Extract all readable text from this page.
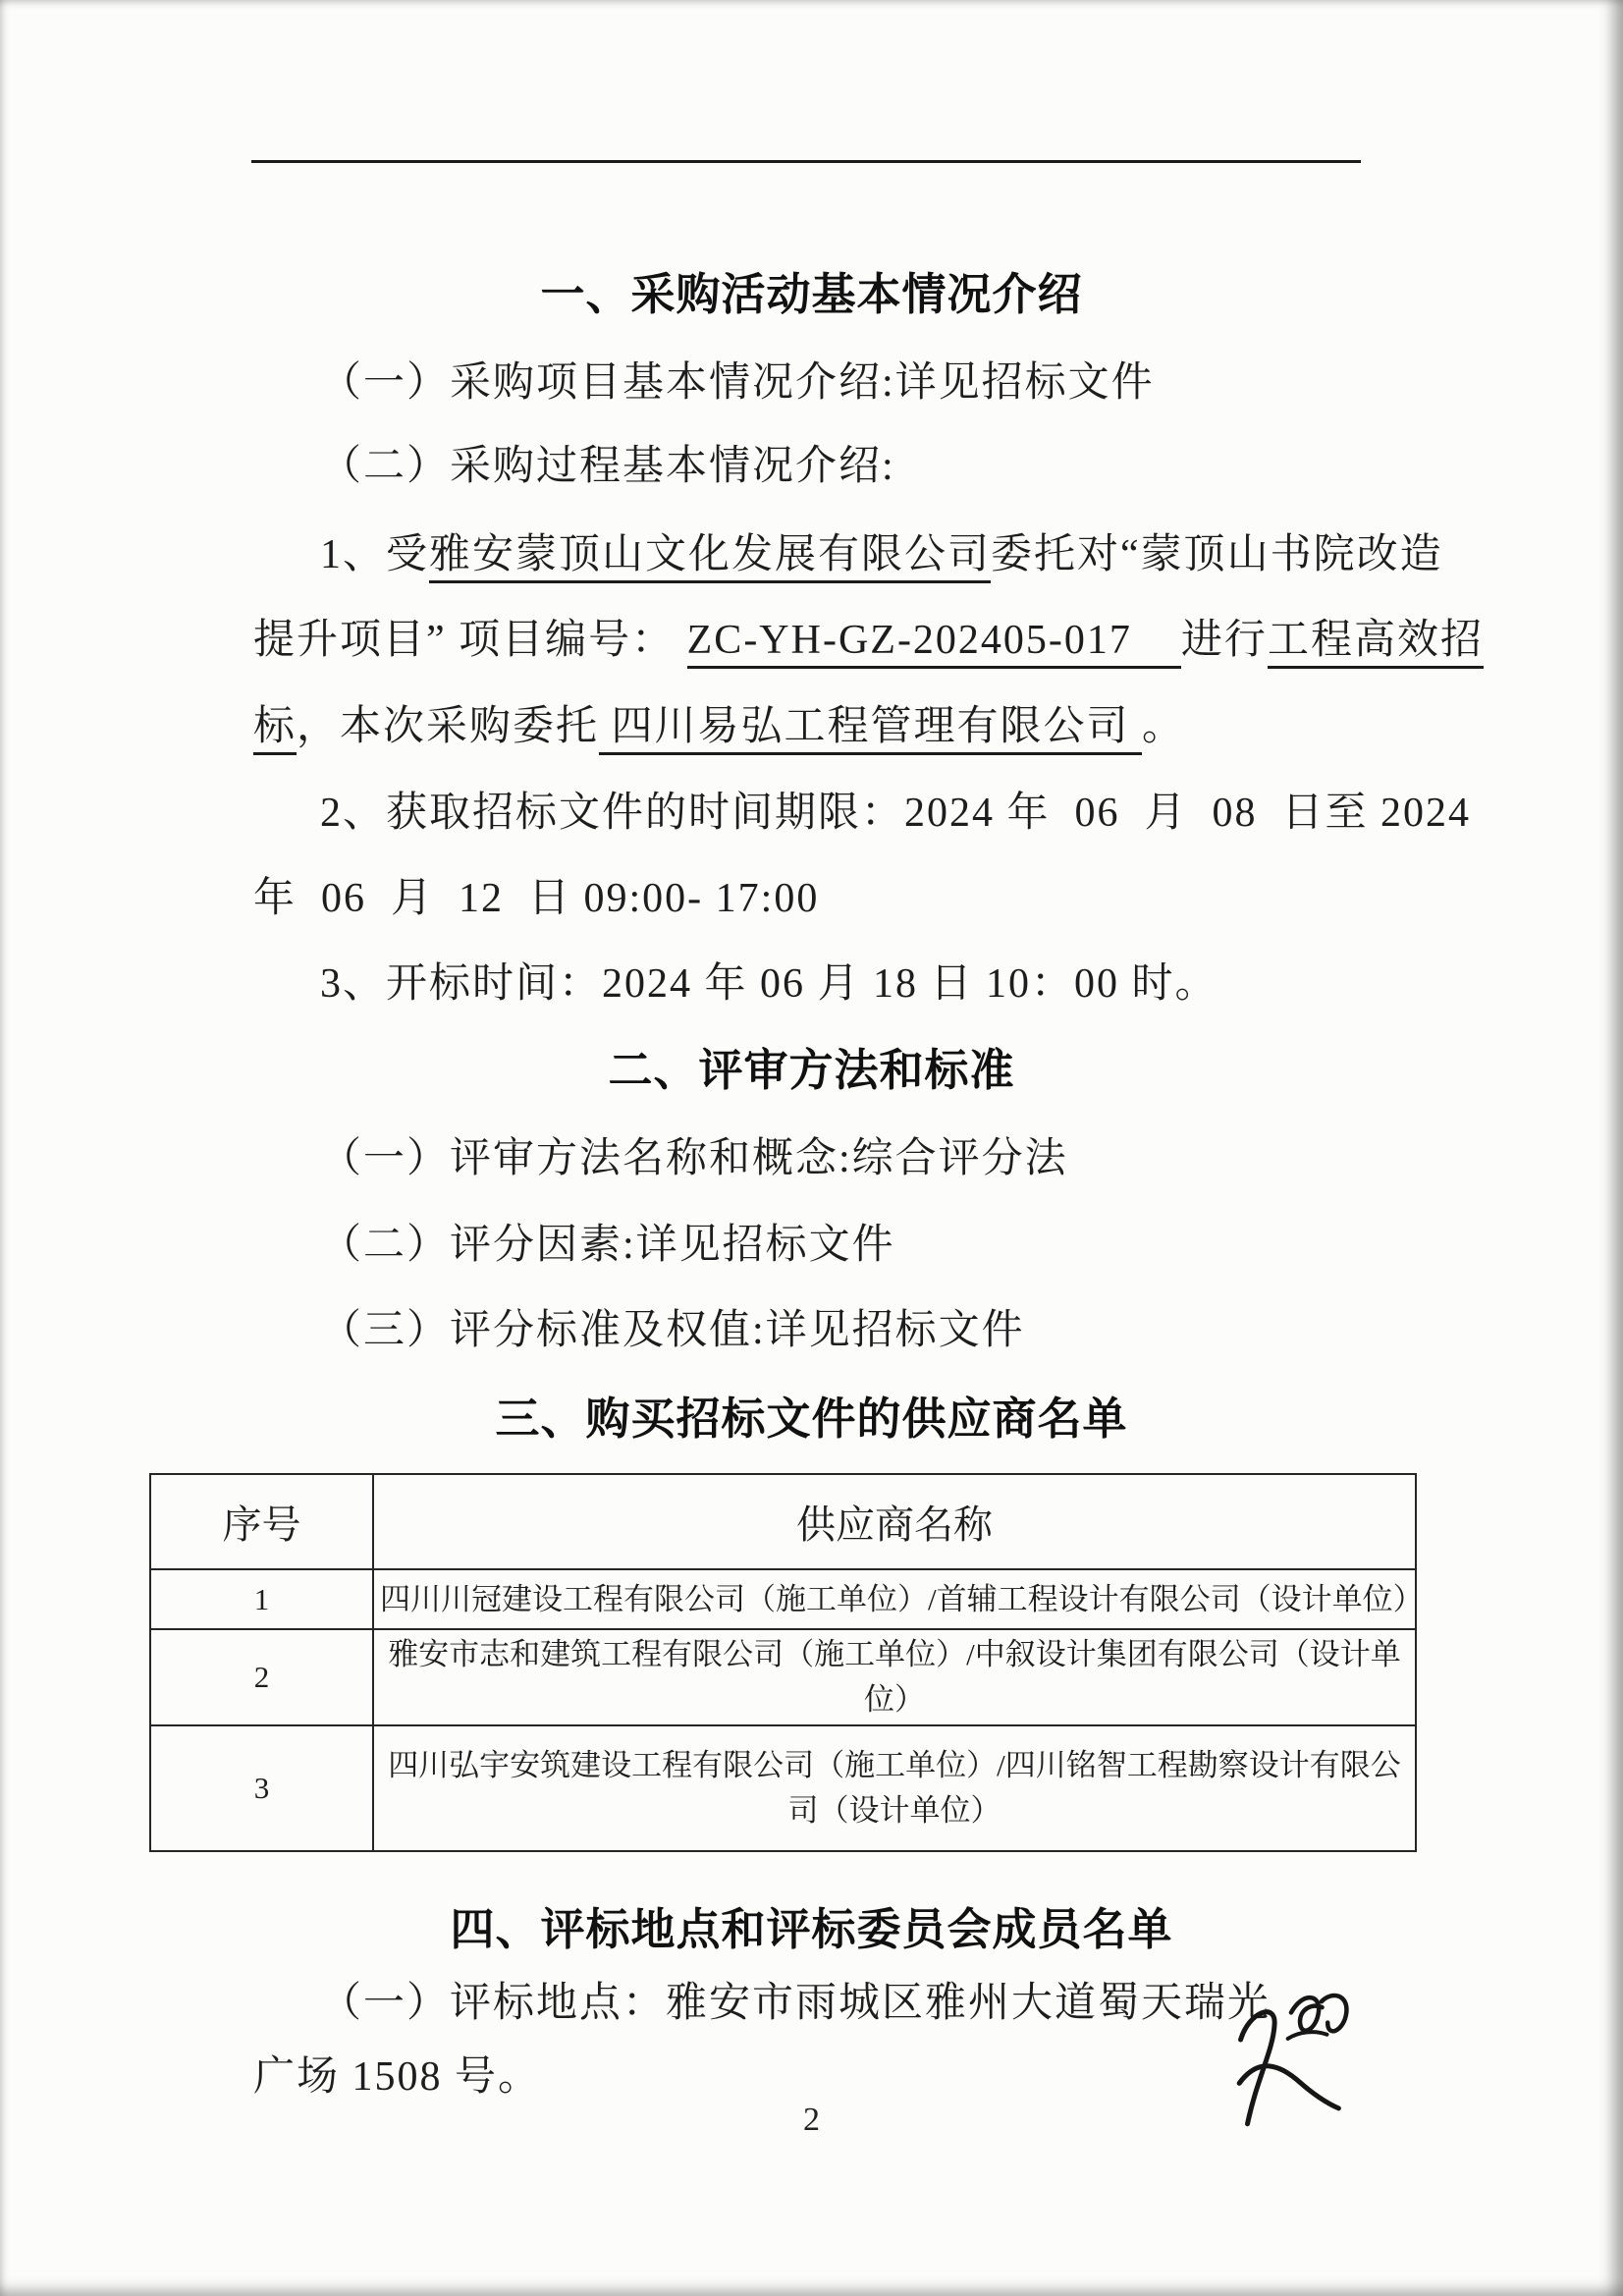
一、采购活动基本情况介绍
（一）采购项目基本情况介绍:详见招标文件
（二）采购过程基本情况介绍:
1、受雅安蒙顶山文化发展有限公司委托对“蒙顶山书院改造
提升项目” 项目编号： ZC-YH-GZ-202405-017    进行工程高效招
标，本次采购委托 四川易弘工程管理有限公司 。
2、获取招标文件的时间期限：2024 年  06  月  08  日至 2024
年  06  月  12  日 09:00- 17:00
3、开标时间：2024 年 06 月 18 日 10：00 时。
二、评审方法和标准
（一）评审方法名称和概念:综合评分法
（二）评分因素:详见招标文件
（三）评分标准及权值:详见招标文件
三、购买招标文件的供应商名单
序号	供应商名称
1	四川川冠建设工程有限公司（施工单位）/首辅工程设计有限公司（设计单位）
2	雅安市志和建筑工程有限公司（施工单位）/中叙设计集团有限公司（设计单位）
3	四川弘宇安筑建设工程有限公司（施工单位）/四川铭智工程勘察设计有限公司（设计单位）
四、评标地点和评标委员会成员名单
（一）评标地点：雅安市雨城区雅州大道蜀天瑞光
广场 1508 号。
2
